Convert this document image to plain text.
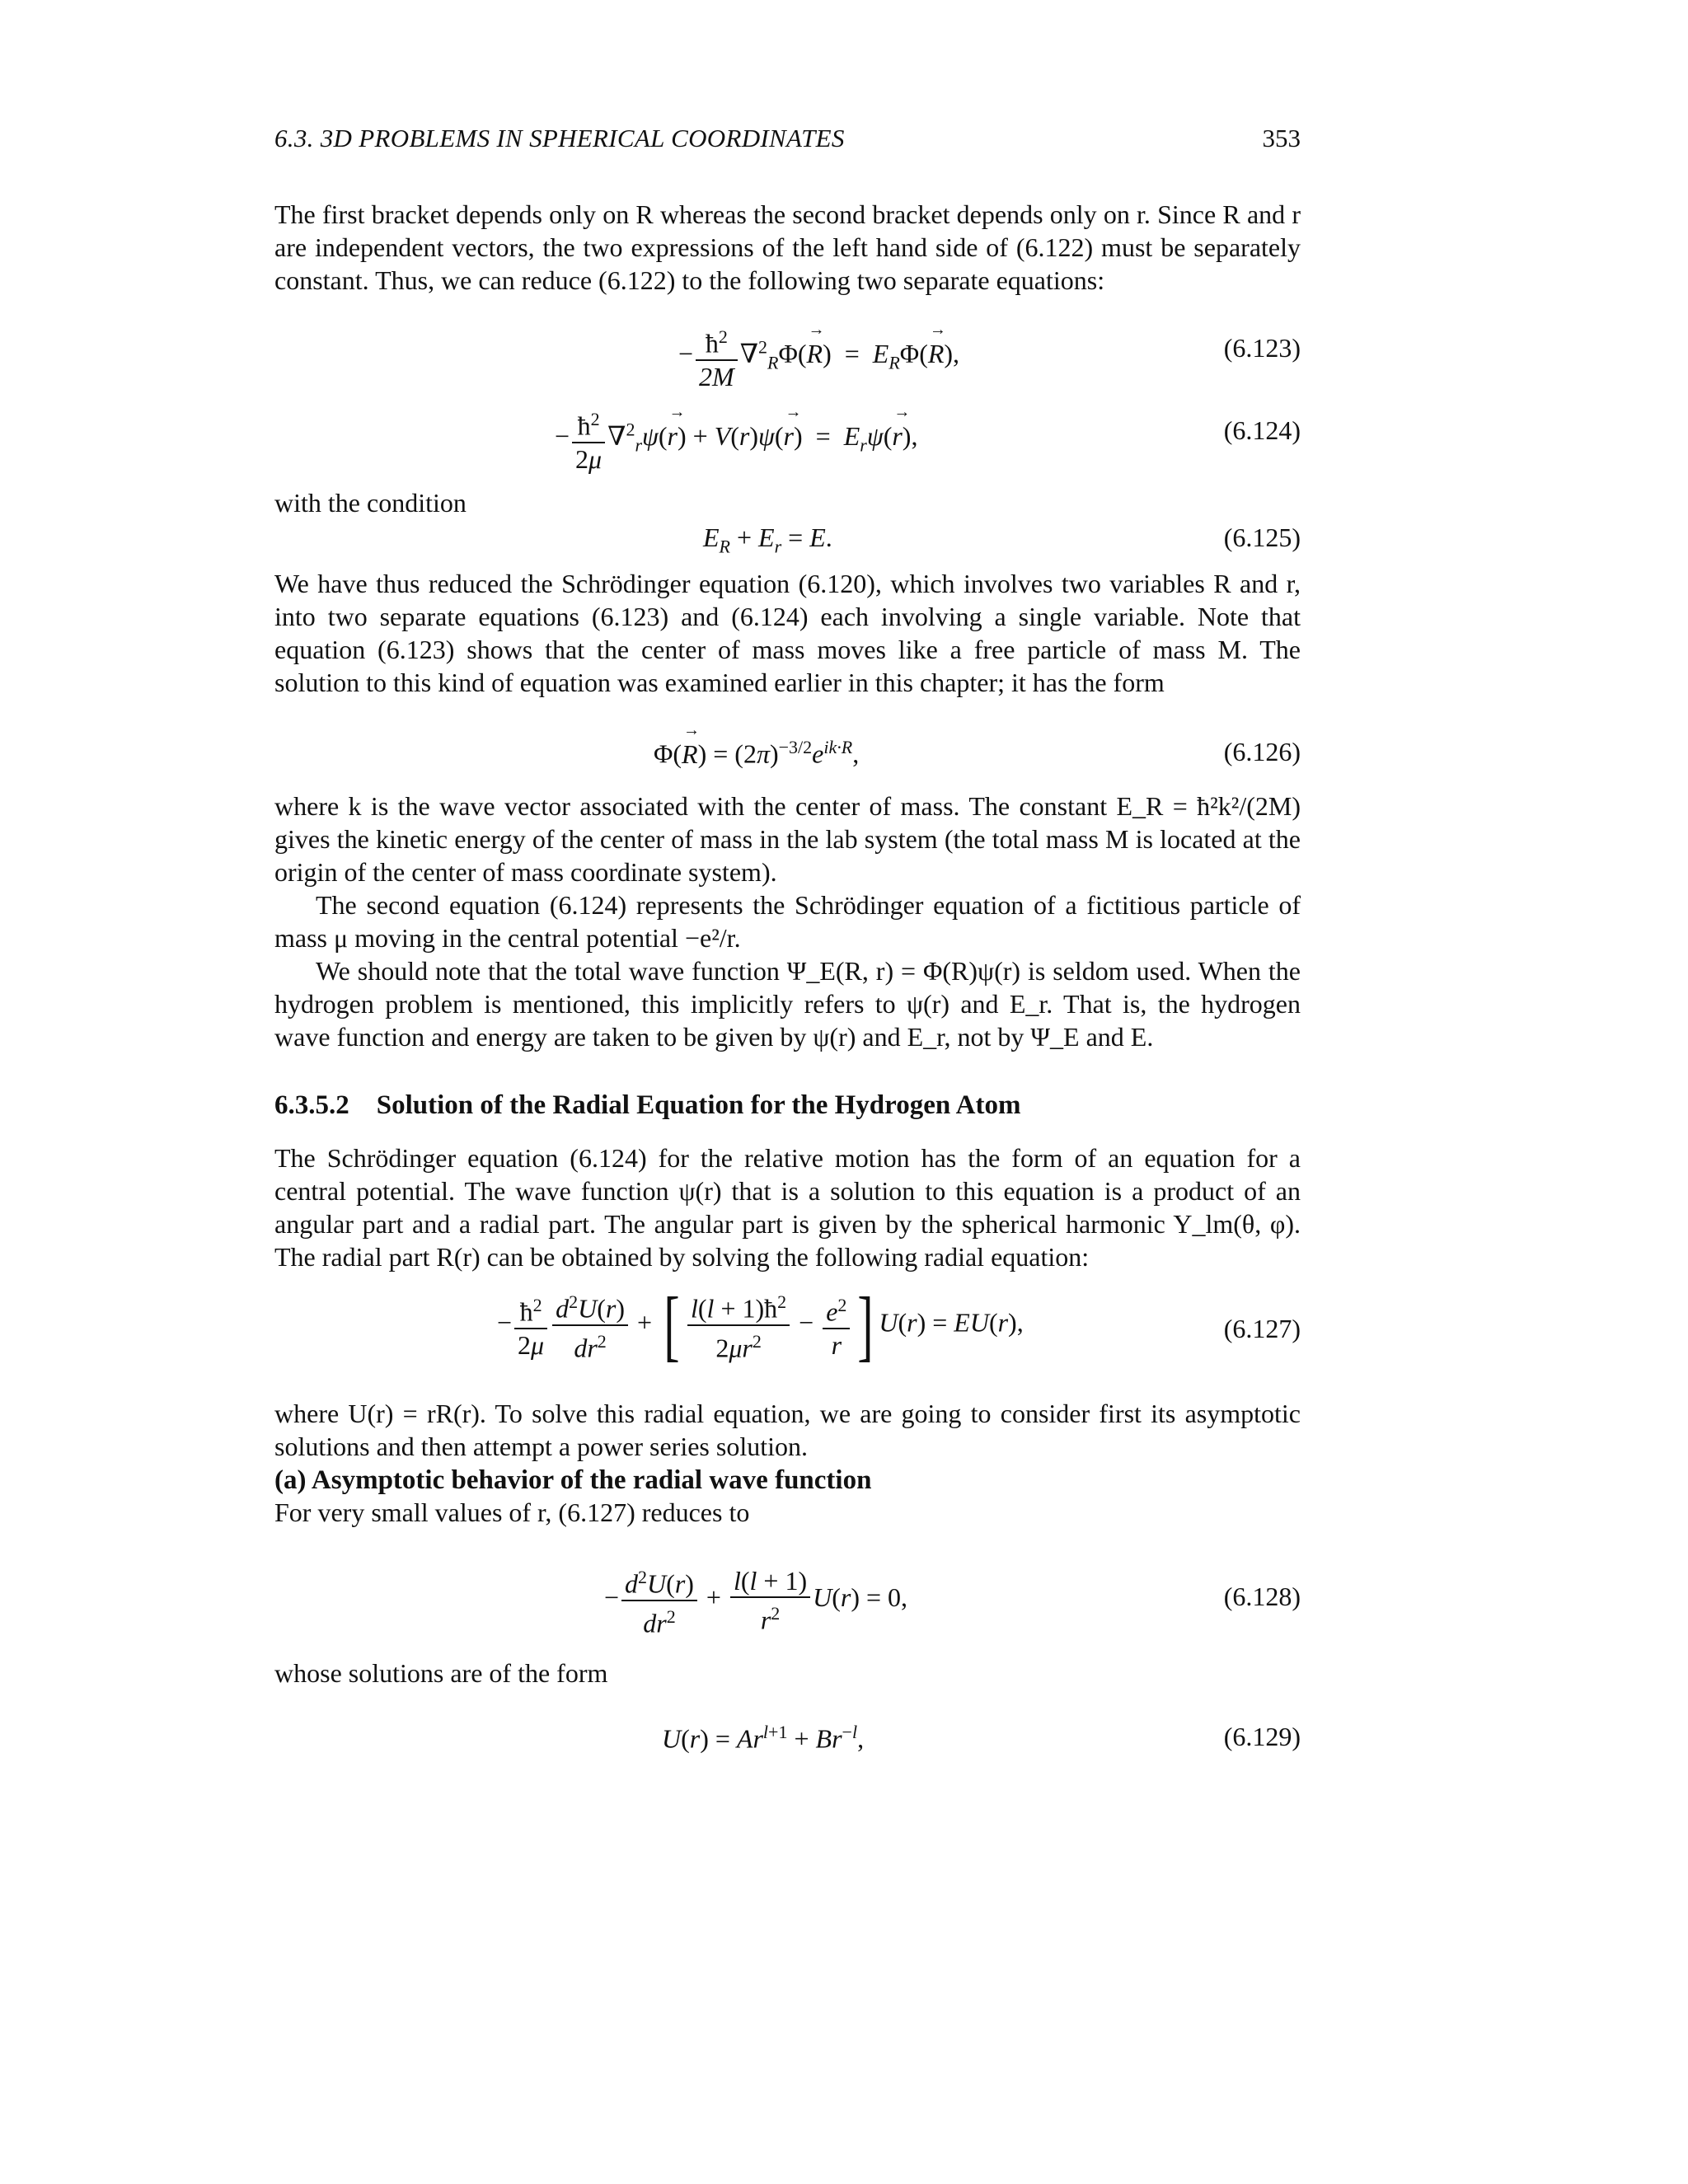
6.3. 3D PROBLEMS IN SPHERICAL COORDINATES	353
The first bracket depends only on R whereas the second bracket depends only on r. Since R and r are independent vectors, the two expressions of the left hand side of (6.122) must be separately constant. Thus, we can reduce (6.122) to the following two separate equations:
− $\frac{ħ^2}{2M} \nabla^2_R\Phi(\to R) = E_R\Phi(\to R)$,	(6.123)
− $\frac{ħ^2}{2\mu} \nabla^2_r\psi(\to r) + V(r)\psi(\to r) = E_r\psi(\to r)$,	(6.124)
with the condition
$E_R + E_r = E$.	(6.125)
We have thus reduced the Schrödinger equation (6.120), which involves two variables R and r, into two separate equations (6.123) and (6.124) each involving a single variable. Note that equation (6.123) shows that the center of mass moves like a free particle of mass M. The solution to this kind of equation was examined earlier in this chapter; it has the form
$\Phi(\to R) = (2\pi)^{-3/2}e^{ik\cdot R}$,	(6.126)
where k is the wave vector associated with the center of mass. The constant E_R = ħ²k²/(2M) gives the kinetic energy of the center of mass in the lab system (the total mass M is located at the origin of the center of mass coordinate system).
The second equation (6.124) represents the Schrödinger equation of a fictitious particle of mass μ moving in the central potential −e²/r.
We should note that the total wave function Ψ_E(R, r) = Φ(R)ψ(r) is seldom used. When the hydrogen problem is mentioned, this implicitly refers to ψ(r) and E_r. That is, the hydrogen wave function and energy are taken to be given by ψ(r) and E_r, not by Ψ_E and E.
6.3.5.2 Solution of the Radial Equation for the Hydrogen Atom
The Schrödinger equation (6.124) for the relative motion has the form of an equation for a central potential. The wave function ψ(r) that is a solution to this equation is a product of an angular part and a radial part. The angular part is given by the spherical harmonic Y_lm(θ, φ). The radial part R(r) can be obtained by solving the following radial equation:
− $\frac{ħ^2}{2\mu} \frac{d^2U(r)}{dr^2}$ + [ $\frac{l(l + 1)ħ^2}{2\mu r^2} - \frac{e^2}{r}$ ] U(r) = EU(r),	(6.127)
where U(r) = rR(r). To solve this radial equation, we are going to consider first its asymptotic solutions and then attempt a power series solution.
(a) Asymptotic behavior of the radial wave function
For very small values of r, (6.127) reduces to
− $\frac{d^2U(r)}{dr^2} + \frac{l(l + 1)}{r^2} U(r) = 0$,	(6.128)
whose solutions are of the form
$U(r) = Ar^{l+1} + Br^{-l}$,	(6.129)
